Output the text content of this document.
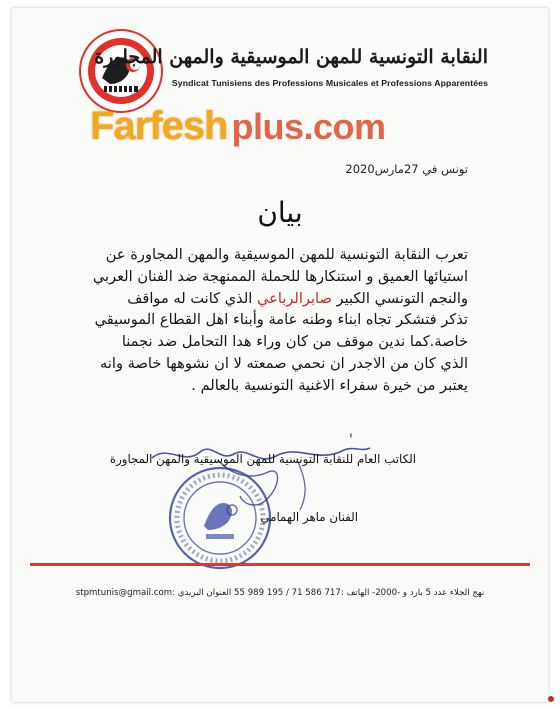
النقابة التونسية للمهن الموسيقية والمهن المجاورة
Syndicat Tunisiens des Professions Musicales et Professions Apparentées
Farfesh plus.com
تونس في 27مارس2020
بيان
تعرب النقابة التونسية للمهن الموسيقية والمهن المجاورة عن
استيائها العميق و استنكارها للحملة الممنهجة ضد الفنان العربي
والنجم التونسي الكبير صابرالرباعي الذي كانت له مواقف
تذكر فتشكر تجاه ابناء وطنه عامة وأبناء اهل القطاع الموسيقي
خاصة.كما ندين موقف من كان وراء هدا التحامل ضد نجمنا
الذي كان من الاجدر ان نحمي صمعته لا ان نشوهها خاصة وانه
يعتبر من خيرة سفراء الاغنية التونسية بالعالم .
'
الكاتب العام للنقابة التونسية للمهن الموسيقية والمهن المجاورة
الفنان ماهر الهمامي
نهج الجلاء عدد 5 بارد و -2000- الهاتف :717 586 71 / 195 989 55 العنوان البريدي :stpmtunis@gmail.com
